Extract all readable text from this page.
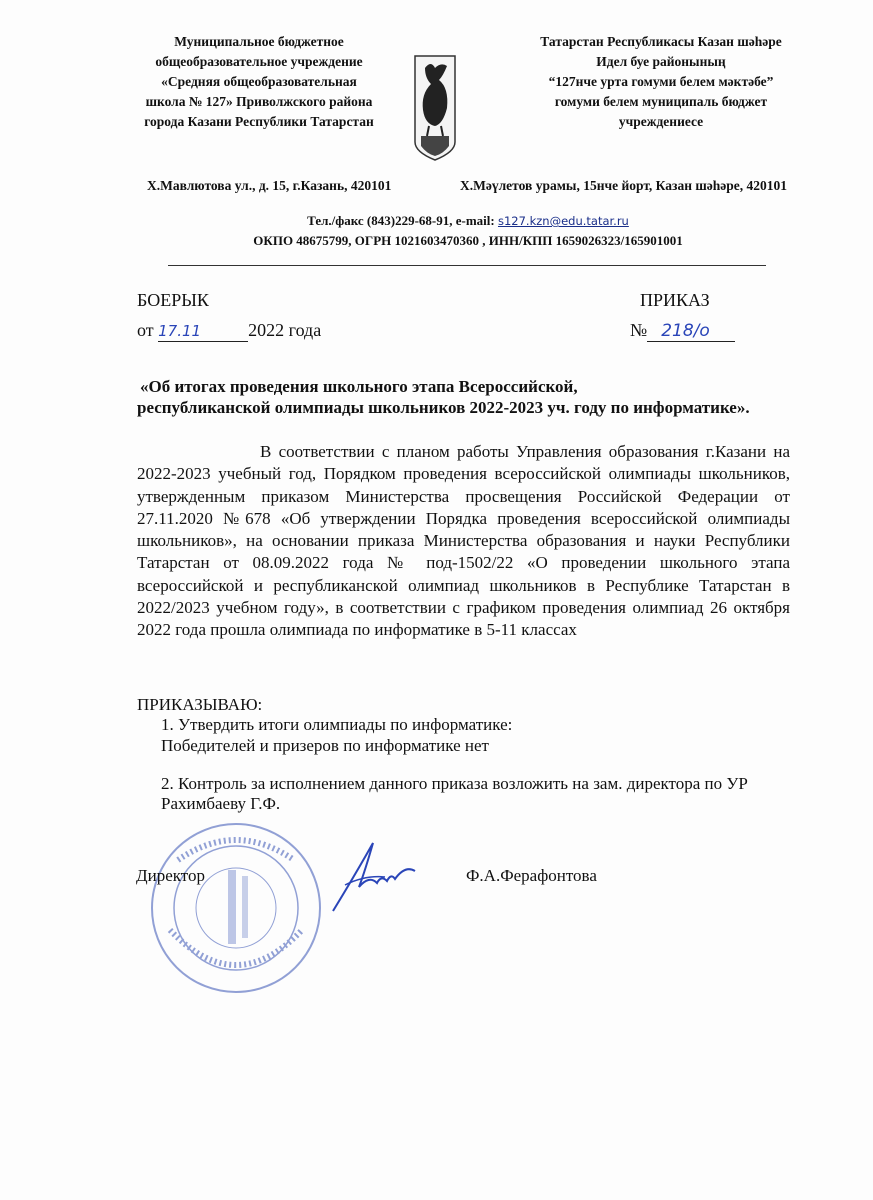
Муниципальное бюджетное
общеобразовательное учреждение
«Средняя общеобразовательная
школа № 127» Приволжского района
города Казани Республики Татарстан
Татарстан Республикасы Казан шәһәре
Идел буе районының
“127нче урта гомуми белем мәктәбе”
гомуми белем муниципаль бюджет
учреждениесе
Х.Мавлютова ул., д. 15, г.Казань, 420101	Х.Мәүлетов урамы, 15нче йорт, Казан шәһәре, 420101
Тел./факс (843)229-68-91, e-mail: s127.kzn@edu.tatar.ru
ОКПО 48675799, ОГРН 1021603470360 , ИНН/КПП 1659026323/165901001
БОЕРЫК
от 17.11	2022 года
ПРИКАЗ
№ 218/о
«Об итогах проведения школьного этапа Всероссийской,
республиканской олимпиады школьников 2022-2023 уч. году по информатике».
В соответствии с планом работы Управления образования г.Казани на 2022-2023 учебный год, Порядком проведения всероссийской олимпиады школьников, утвержденным приказом Министерства просвещения Российской Федерации от 27.11.2020 №678 «Об утверждении Порядка проведения всероссийской олимпиады школьников», на основании приказа Министерства образования и науки Республики Татарстан от 08.09.2022 года № под-1502/22 «О проведении школьного этапа всероссийской и республиканской олимпиад школьников в Республике Татарстан в 2022/2023 учебном году», в соответствии с графиком проведения олимпиад 26 октября 2022 года прошла олимпиада по информатике в 5-11 классах
ПРИКАЗЫВАЮ:
1. Утвердить итоги олимпиады по информатике:
Победителей и призеров по информатике нет
2. Контроль за исполнением данного приказа возложить на зам. директора по УР
Рахимбаеву Г.Ф.
Директор	Ф.А.Ферафонтова
